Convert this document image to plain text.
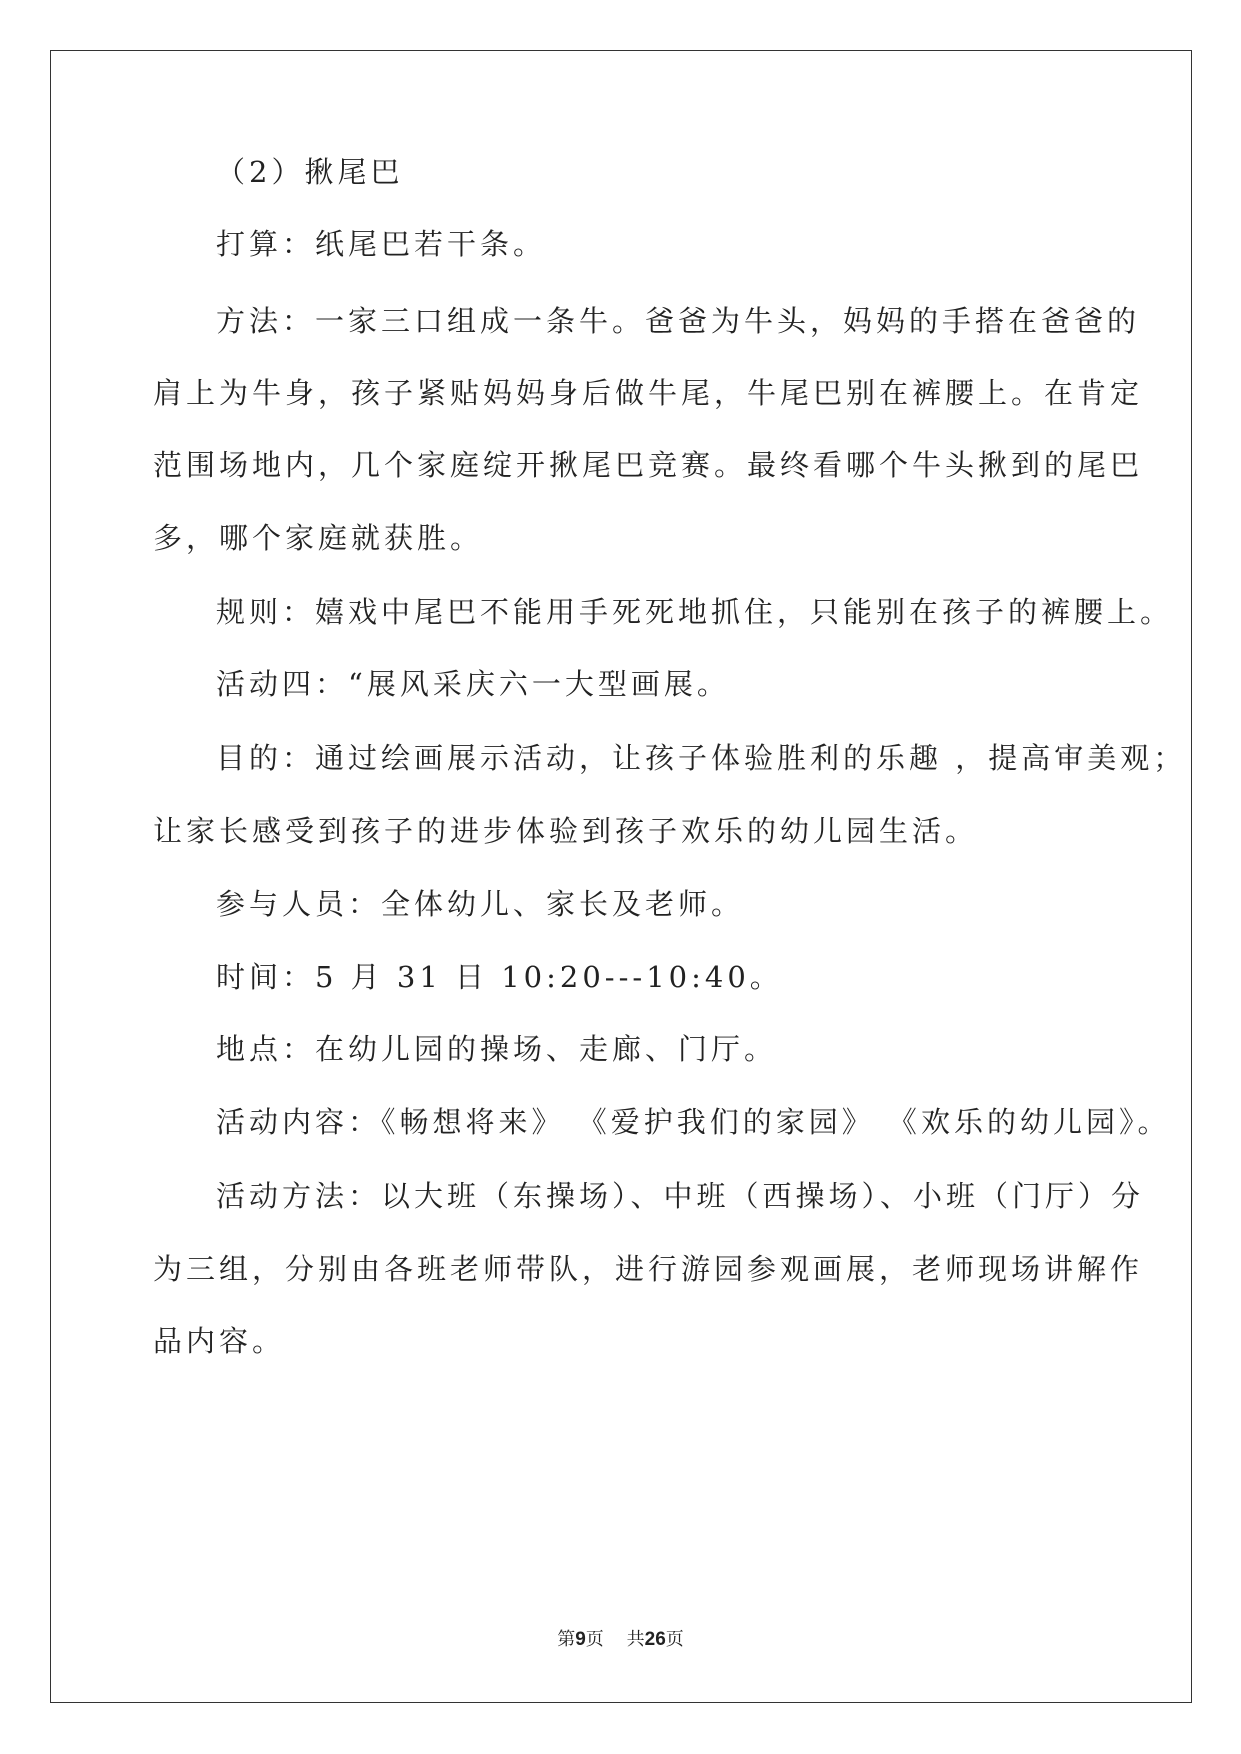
（2）揪尾巴
打算：纸尾巴若干条。
方法：一家三口组成一条牛。爸爸为牛头，妈妈的手搭在爸爸的
肩上为牛身，孩子紧贴妈妈身后做牛尾，牛尾巴别在裤腰上。在肯定
范围场地内，几个家庭绽开揪尾巴竞赛。最终看哪个牛头揪到的尾巴
多，哪个家庭就获胜。
规则：嬉戏中尾巴不能用手死死地抓住，只能别在孩子的裤腰上。
活动四：“展风采庆六一大型画展。
目的：通过绘画展示活动，让孩子体验胜利的乐趣 ，提高审美观；
让家长感受到孩子的进步体验到孩子欢乐的幼儿园生活。
参与人员：全体幼儿、家长及老师。
时间：5 月 31 日 10:20---10:40。
地点：在幼儿园的操场、走廊、门厅。
活动内容：《畅想将来》 《爱护我们的家园》 《欢乐的幼儿园》。
活动方法：以大班（东操场）、中班（西操场）、小班（门厅）分
为三组，分别由各班老师带队，进行游园参观画展，老师现场讲解作
品内容。
第9页 共26页
